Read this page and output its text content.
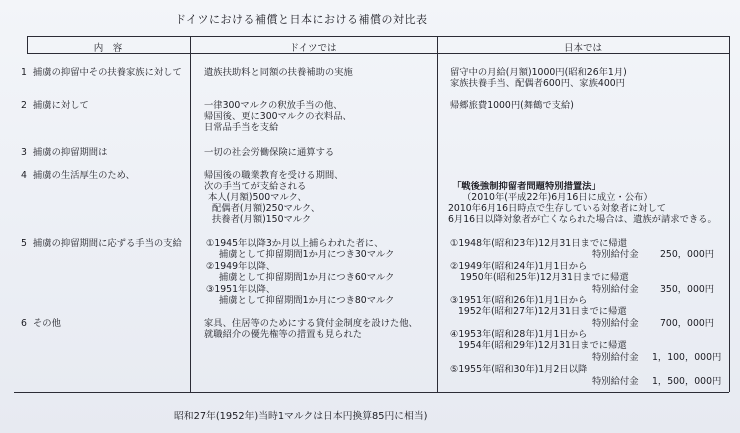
ドイツにおける補償と日本における補償の対比表
内　容	ドイツでは	日本では
1 捕虜の抑留中その扶養家族に対して
2 捕虜に対して
3 捕虜の抑留期間は
4 捕虜の生活厚生のため、
5 捕虜の抑留期間に応ずる手当の支給
6 その他
遺族扶助料と同額の扶養補助の実施
一律300マルクの釈放手当の他、
帰国後、更に300マルクの衣料品、
日常品手当を支給
一切の社会労働保険に通算する
帰国後の職業教育を受ける期間、
次の手当てが支給される
本人(月額)500マルク、
配偶者(月額)250マルク、
扶養者(月額)150マルク
①1945年以降3か月以上捕らわれた者に、
捕虜として抑留期間1か月につき30マルク
②1949年以降、
捕虜として抑留期間1か月につき60マルク
③1951年以降、
捕虜として抑留期間1か月につき80マルク
家具、住居等のためにする貸付金制度を設けた他、
就職紹介の優先権等の措置も見られた
留守中の月給(月額)1000円(昭和26年1月)
家族扶養手当、配偶者600円、家族400円
帰郷旅費1000円(舞鶴で支給)
「戦後強制抑留者問題特別措置法」
（2010年(平成22年)6月16日に成立・公布）
2010年6月16日時点で生存している対象者に対して
6月16日以降対象者が亡くなられた場合は、遺族が請求できる。
①1948年(昭和23年)12月31日までに帰還
特別給付金 250，000円
②1949年(昭和24年)1月1日から
1950年(昭和25年)12月31日までに帰還
特別給付金 350，000円
③1951年(昭和26年)1月1日から
1952年(昭和27年)12月31日までに帰還
特別給付金 700，000円
④1953年(昭和28年)1月1日から
1954年(昭和29年)12月31日までに帰還
特別給付金 1，100，000円
⑤1955年(昭和30年)1月2日以降
特別給付金 1，500，000円
昭和27年(1952年)当時1マルクは日本円換算85円に相当)
